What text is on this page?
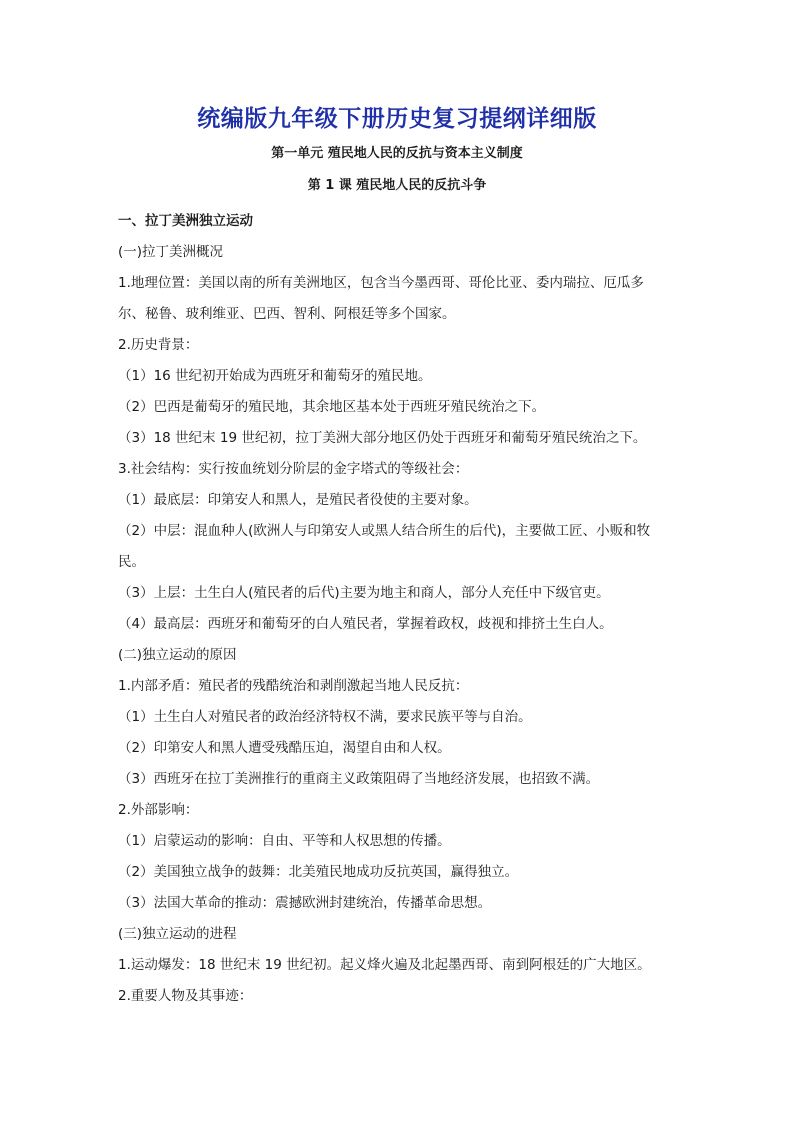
统编版九年级下册历史复习提纲详细版
第一单元 殖民地人民的反抗与资本主义制度
第 1 课 殖民地人民的反抗斗争
一、拉丁美洲独立运动
(一)拉丁美洲概况
1.地理位置：美国以南的所有美洲地区，包含当今墨西哥、哥伦比亚、委内瑞拉、厄瓜多
尔、秘鲁、玻利维亚、巴西、智利、阿根廷等多个国家。
2.历史背景：
（1）16 世纪初开始成为西班牙和葡萄牙的殖民地。
（2）巴西是葡萄牙的殖民地，其余地区基本处于西班牙殖民统治之下。
（3）18 世纪末 19 世纪初，拉丁美洲大部分地区仍处于西班牙和葡萄牙殖民统治之下。
3.社会结构：实行按血统划分阶层的金字塔式的等级社会：
（1）最底层：印第安人和黑人，是殖民者役使的主要对象。
（2）中层：混血种人(欧洲人与印第安人或黑人结合所生的后代)，主要做工匠、小贩和牧
民。
（3）上层：土生白人(殖民者的后代)主要为地主和商人，部分人充任中下级官吏。
（4）最高层：西班牙和葡萄牙的白人殖民者，掌握着政权，歧视和排挤土生白人。
(二)独立运动的原因
1.内部矛盾：殖民者的残酷统治和剥削激起当地人民反抗：
（1）土生白人对殖民者的政治经济特权不满，要求民族平等与自治。
（2）印第安人和黑人遭受残酷压迫，渴望自由和人权。
（3）西班牙在拉丁美洲推行的重商主义政策阻碍了当地经济发展，也招致不满。
2.外部影响：
（1）启蒙运动的影响：自由、平等和人权思想的传播。
（2）美国独立战争的鼓舞：北美殖民地成功反抗英国，赢得独立。
（3）法国大革命的推动：震撼欧洲封建统治，传播革命思想。
(三)独立运动的进程
1.运动爆发：18 世纪末 19 世纪初。起义烽火遍及北起墨西哥、南到阿根廷的广大地区。
2.重要人物及其事迹：
